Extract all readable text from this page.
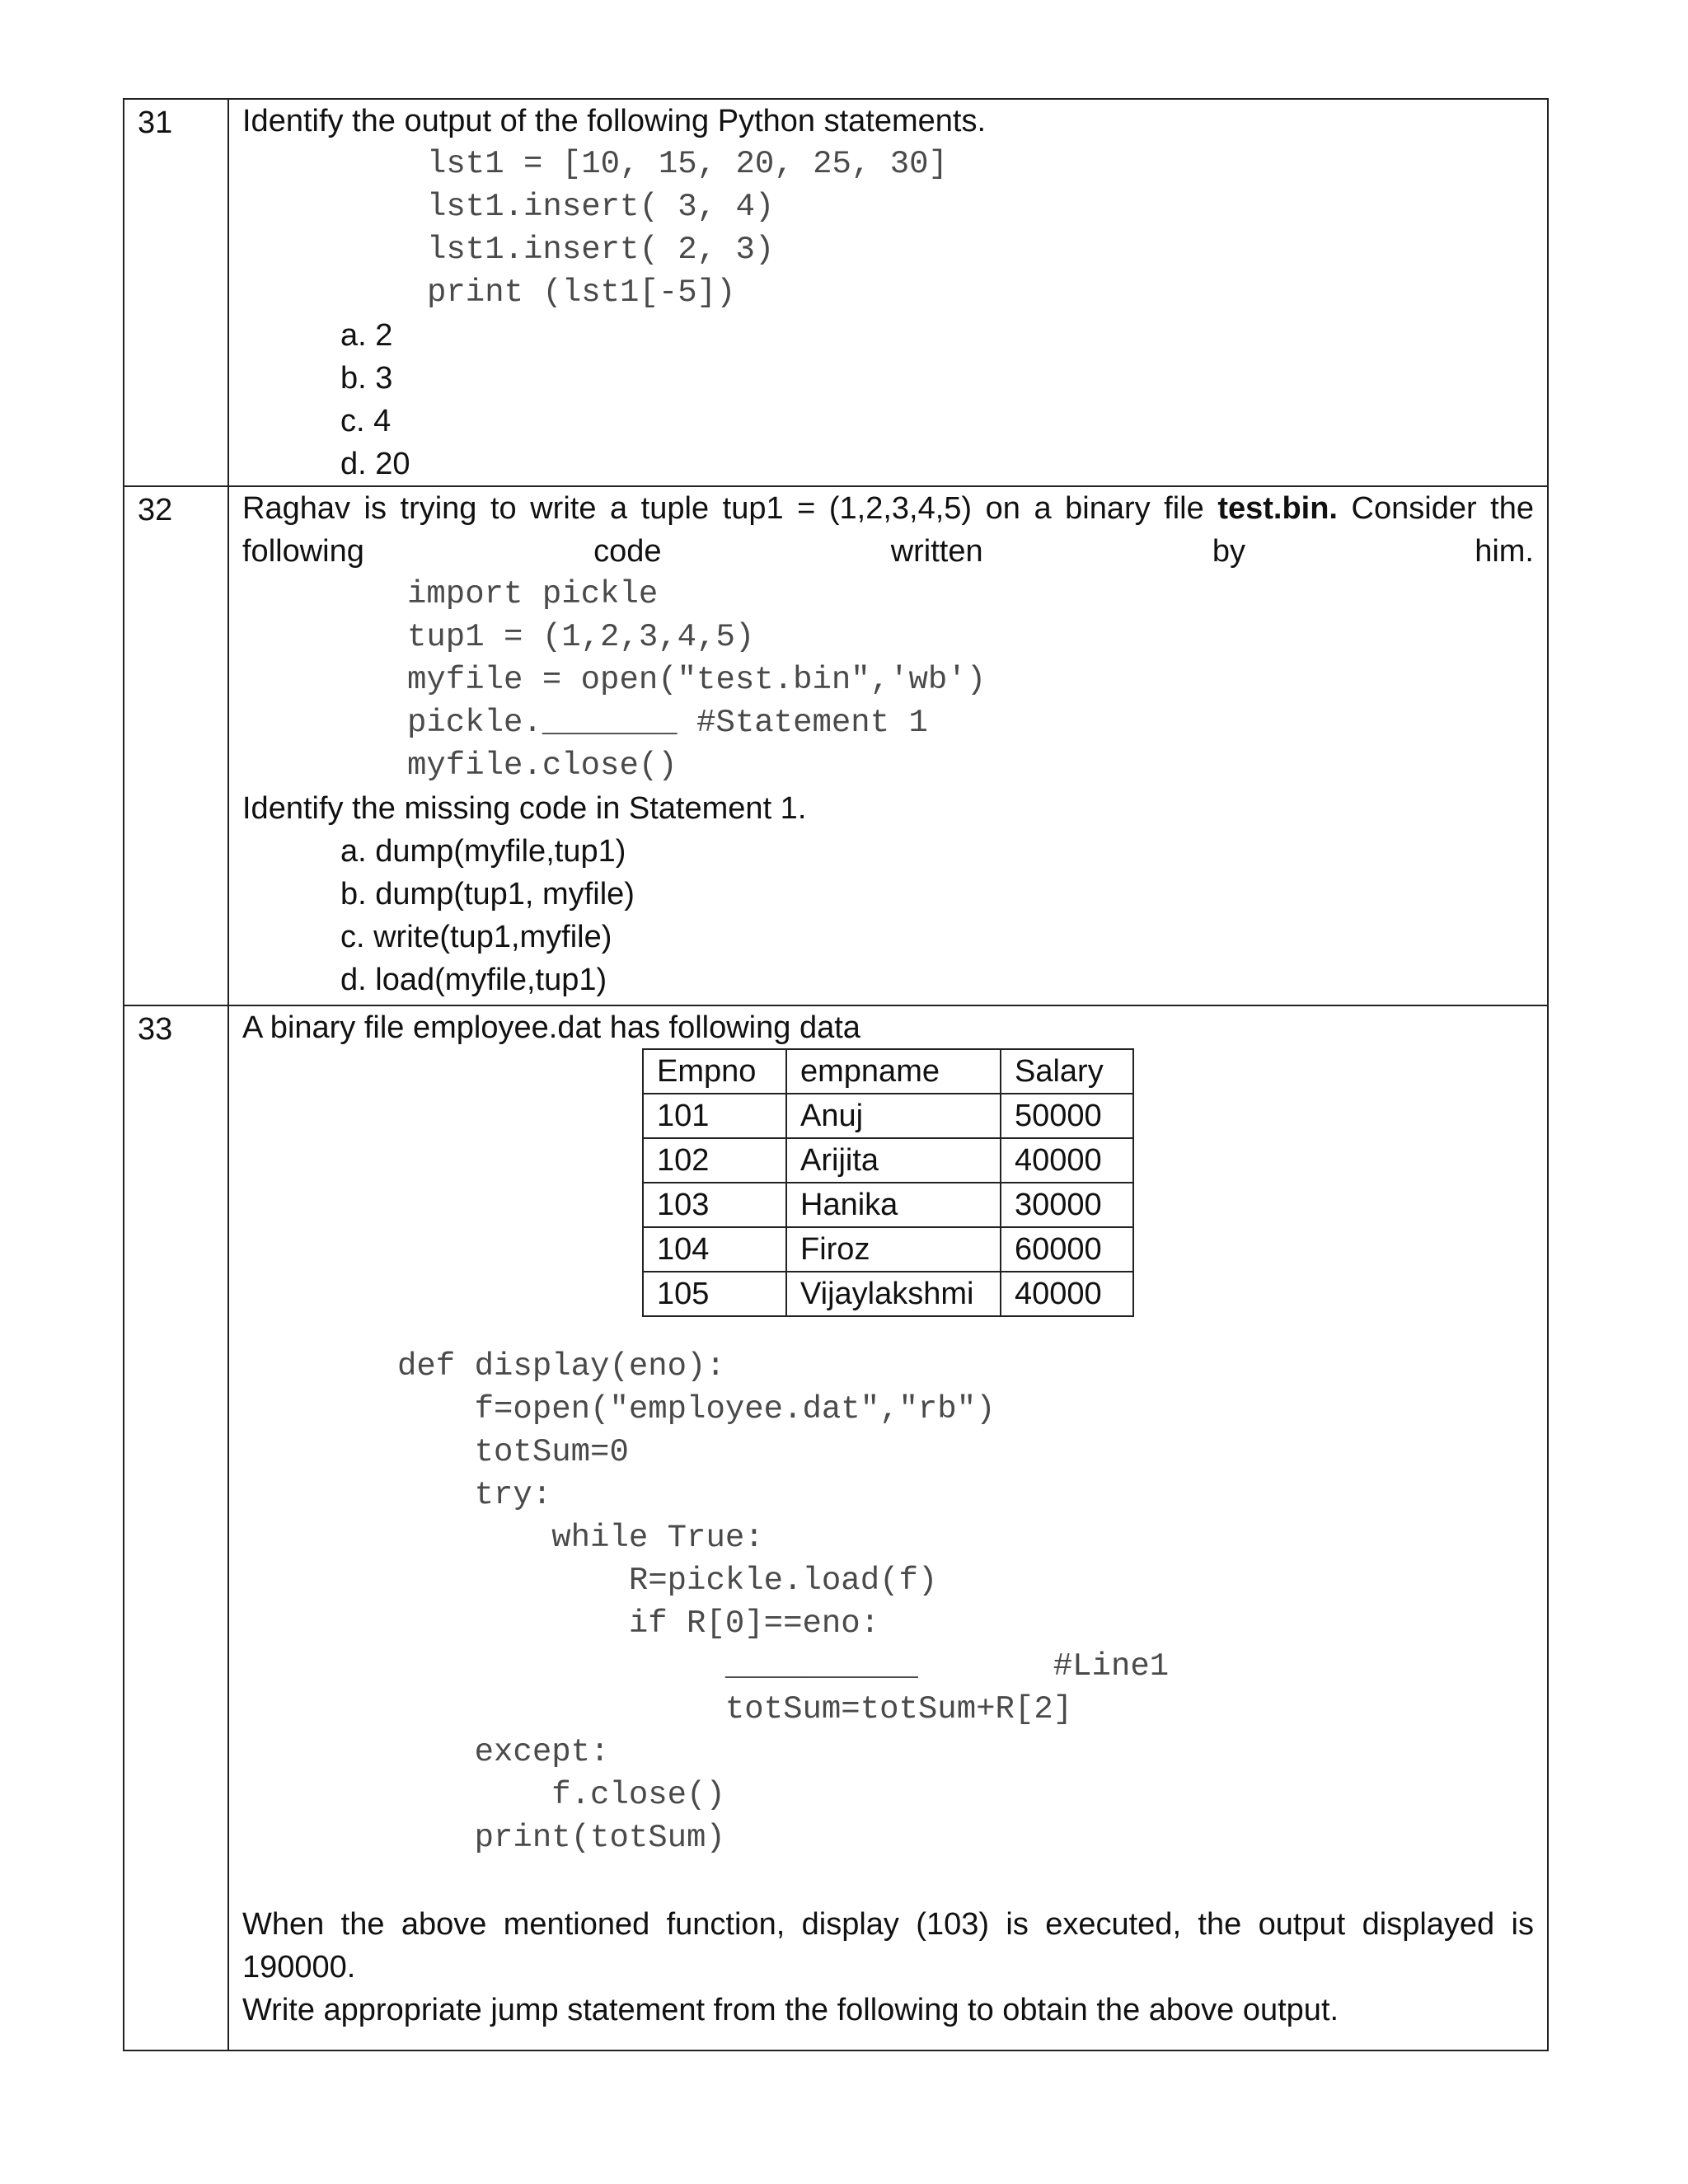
31	Identify the output of the following Python statements.
lst1 = [10, 15, 20, 25, 30]
lst1.insert( 3, 4)
lst1.insert( 2, 3)
print (lst1[-5])
a. 2
b. 3
c. 4
d. 20
32	Raghav is trying to write a tuple tup1 = (1,2,3,4,5) on a binary file test.bin. Consider the following code written by him.
import pickle
tup1 = (1,2,3,4,5)
myfile = open("test.bin",'wb')
pickle._______ #Statement 1
myfile.close()
Identify the missing code in Statement 1.
a. dump(myfile,tup1)
b. dump(tup1, myfile)
c. write(tup1,myfile)
d. load(myfile,tup1)
33	A binary file employee.dat has following data
Empno	empname	Salary
101	Anuj	50000
102	Arijita	40000
103	Hanika	30000
104	Firoz	60000
105	Vijaylakshmi	40000
def display(eno):
f=open("employee.dat","rb")
totSum=0
try:
while True:
R=pickle.load(f)
if R[0]==eno:
__________       #Line1
totSum=totSum+R[2]
except:
f.close()
print(totSum)
When the above mentioned function, display (103) is executed, the output displayed is 190000.
Write appropriate jump statement from the following to obtain the above output.
